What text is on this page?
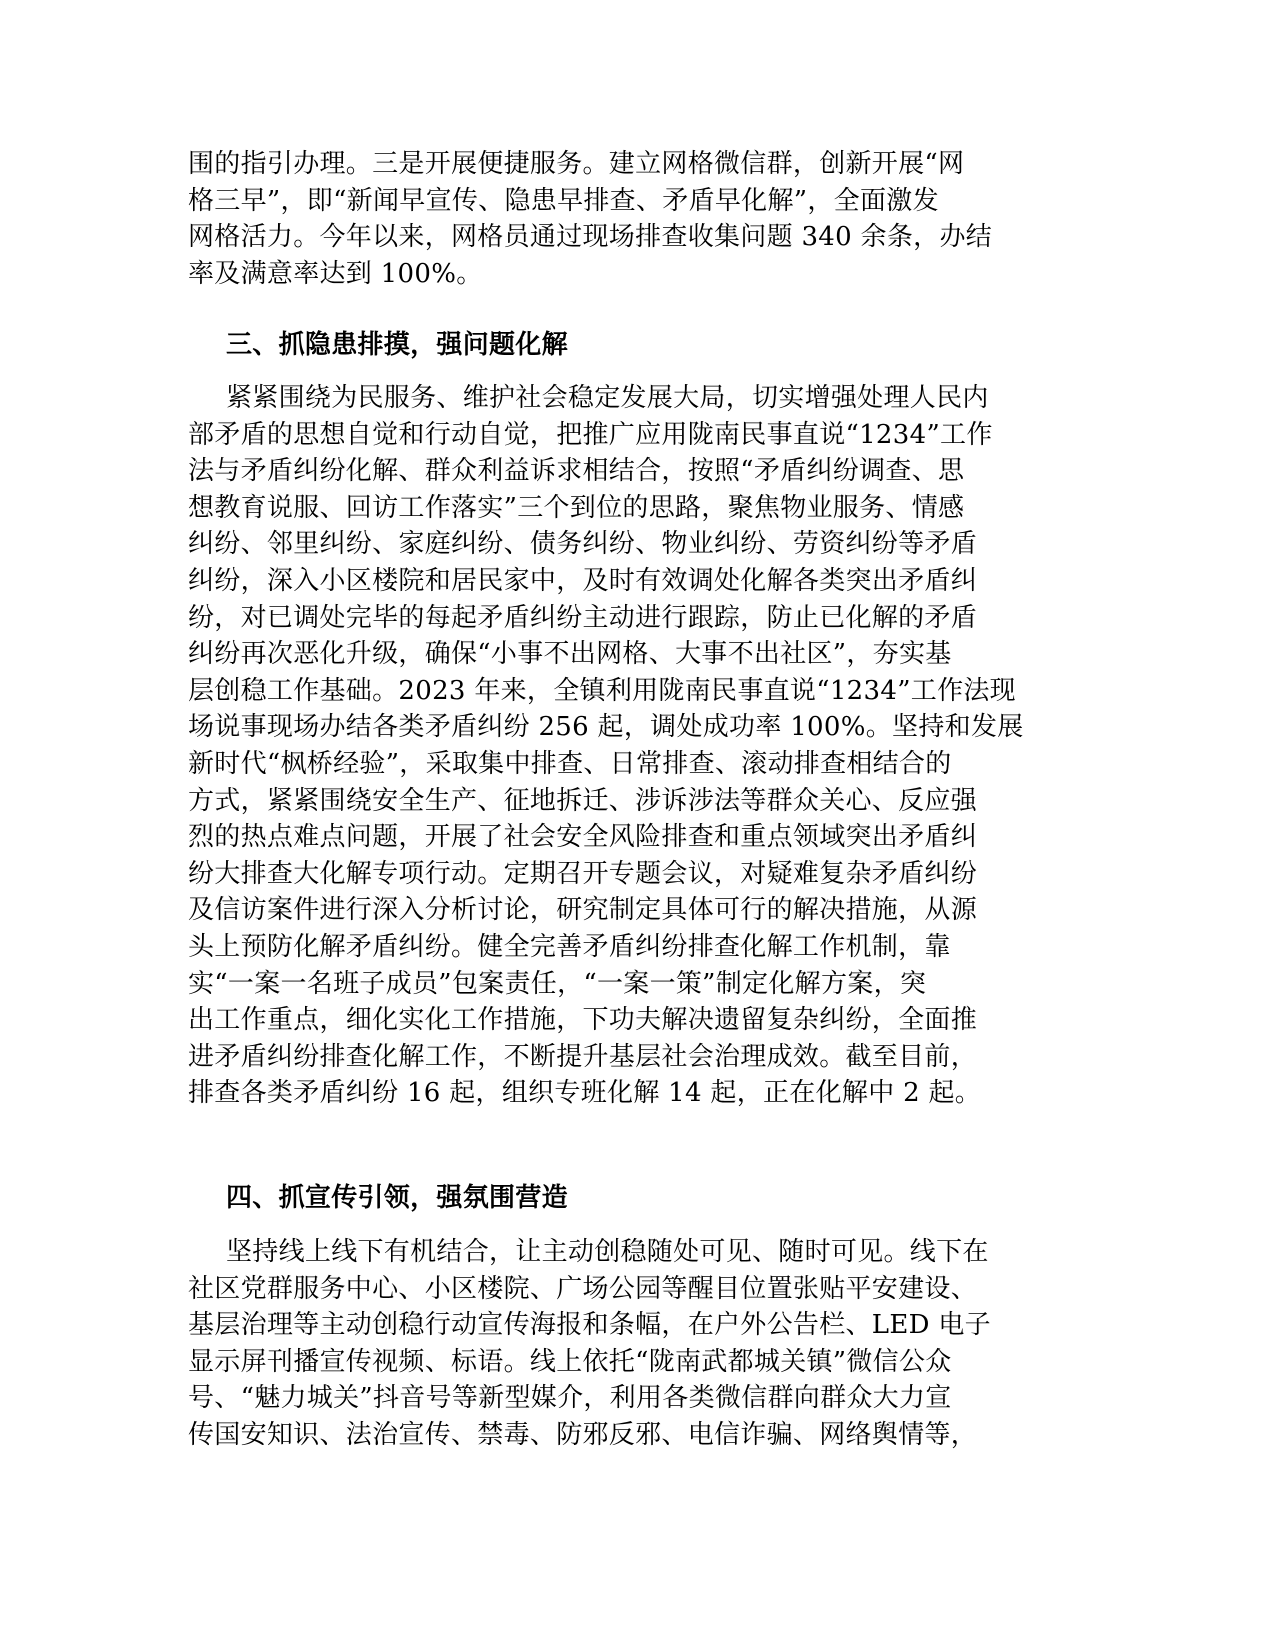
围的指引办理。三是开展便捷服务。建立网格微信群，创新开展“网
格三早”，即“新闻早宣传、隐患早排查、矛盾早化解”，全面激发
网格活力。今年以来，网格员通过现场排查收集问题 340 余条，办结
率及满意率达到 100%。
三、抓隐患排摸，强问题化解
紧紧围绕为民服务、维护社会稳定发展大局，切实增强处理人民内
部矛盾的思想自觉和行动自觉，把推广应用陇南民事直说“1234”工作
法与矛盾纠纷化解、群众利益诉求相结合，按照“矛盾纠纷调查、思
想教育说服、回访工作落实”三个到位的思路，聚焦物业服务、情感
纠纷、邻里纠纷、家庭纠纷、债务纠纷、物业纠纷、劳资纠纷等矛盾
纠纷，深入小区楼院和居民家中，及时有效调处化解各类突出矛盾纠
纷，对已调处完毕的每起矛盾纠纷主动进行跟踪，防止已化解的矛盾
纠纷再次恶化升级，确保“小事不出网格、大事不出社区”，夯实基
层创稳工作基础。2023 年来，全镇利用陇南民事直说“1234”工作法现
场说事现场办结各类矛盾纠纷 256 起，调处成功率 100%。坚持和发展
新时代“枫桥经验”，采取集中排查、日常排查、滚动排查相结合的
方式，紧紧围绕安全生产、征地拆迁、涉诉涉法等群众关心、反应强
烈的热点难点问题，开展了社会安全风险排查和重点领域突出矛盾纠
纷大排查大化解专项行动。定期召开专题会议，对疑难复杂矛盾纠纷
及信访案件进行深入分析讨论，研究制定具体可行的解决措施，从源
头上预防化解矛盾纠纷。健全完善矛盾纠纷排查化解工作机制，靠
实“一案一名班子成员”包案责任，“一案一策”制定化解方案，突
出工作重点，细化实化工作措施，下功夫解决遗留复杂纠纷，全面推
进矛盾纠纷排查化解工作，不断提升基层社会治理成效。截至目前，
排查各类矛盾纠纷 16 起，组织专班化解 14 起，正在化解中 2 起。
四、抓宣传引领，强氛围营造
坚持线上线下有机结合，让主动创稳随处可见、随时可见。线下在
社区党群服务中心、小区楼院、广场公园等醒目位置张贴平安建设、
基层治理等主动创稳行动宣传海报和条幅，在户外公告栏、LED 电子
显示屏刊播宣传视频、标语。线上依托“陇南武都城关镇”微信公众
号、“魅力城关”抖音号等新型媒介，利用各类微信群向群众大力宣
传国安知识、法治宣传、禁毒、防邪反邪、电信诈骗、网络舆情等，
